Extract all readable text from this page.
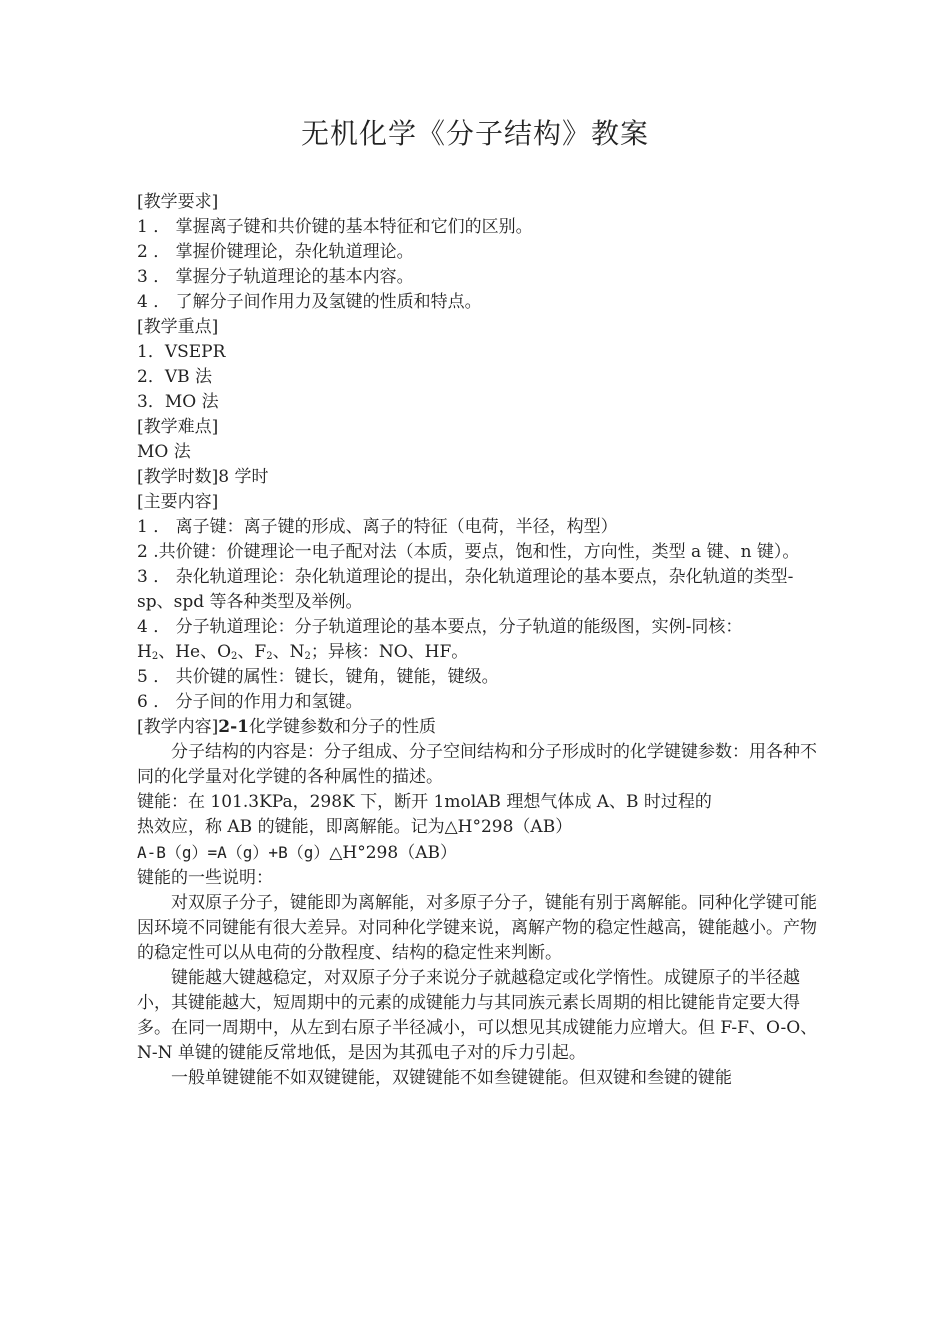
无机化学《分子结构》教案

[教学要求]

1 ． 掌握离子键和共价键的基本特征和它们的区别。

2 ． 掌握价键理论，杂化轨道理论。

3 ． 掌握分子轨道理论的基本内容。

4 ． 了解分子间作用力及氢键的性质和特点。

[教学重点]

1．VSEPR

2．VB 法

3．MO 法

[教学难点]

MO 法

[教学时数]8 学时

[主要内容]

1 ． 离子键：离子键的形成、离子的特征（电荷，半径，构型）

2 .共价键：价键理论一电子配对法（本质，要点，饱和性，方向性，类型 a 键、n 键）。

3 ． 杂化轨道理论：杂化轨道理论的提出，杂化轨道理论的基本要点，杂化轨道的类型-sp、spd 等各种类型及举例。

4 ． 分子轨道理论：分子轨道理论的基本要点，分子轨道的能级图，实例-同核：
$H_2$、He、$O_2$、$F_2$、$N_2$；异核：NO、HF。

5 ． 共价键的属性：键长，键角，键能，键级。

6 ． 分子间的作用力和氢键。

[教学内容]2-1化学键参数和分子的性质

分子结构的内容是：分子组成、分子空间结构和分子形成时的化学键键参数：用各种不同的化学量对化学键的各种属性的描述。

键能：在 101.3KPa，298K 下，断开 1molAB 理想气体成 A、B 时过程的

热效应，称 AB 的键能，即离解能。记为△H°298（AB）

A-B（g）=A（g）+B（g）△H°298（AB）

键能的一些说明：

对双原子分子，键能即为离解能，对多原子分子，键能有别于离解能。同种化学键可能因环境不同键能有很大差异。对同种化学键来说，离解产物的稳定性越高，键能越小。产物的稳定性可以从电荷的分散程度、结构的稳定性来判断。

键能越大键越稳定，对双原子分子来说分子就越稳定或化学惰性。成键原子的半径越小，其键能越大，短周期中的元素的成键能力与其同族元素长周期的相比键能肯定要大得多。在同一周期中，从左到右原子半径减小，可以想见其成键能力应增大。但 F-F、O-O、N-N 单键的键能反常地低，是因为其孤电子对的斥力引起。

一般单键键能不如双键键能，双键键能不如叁键键能。但双键和叁键的键能
